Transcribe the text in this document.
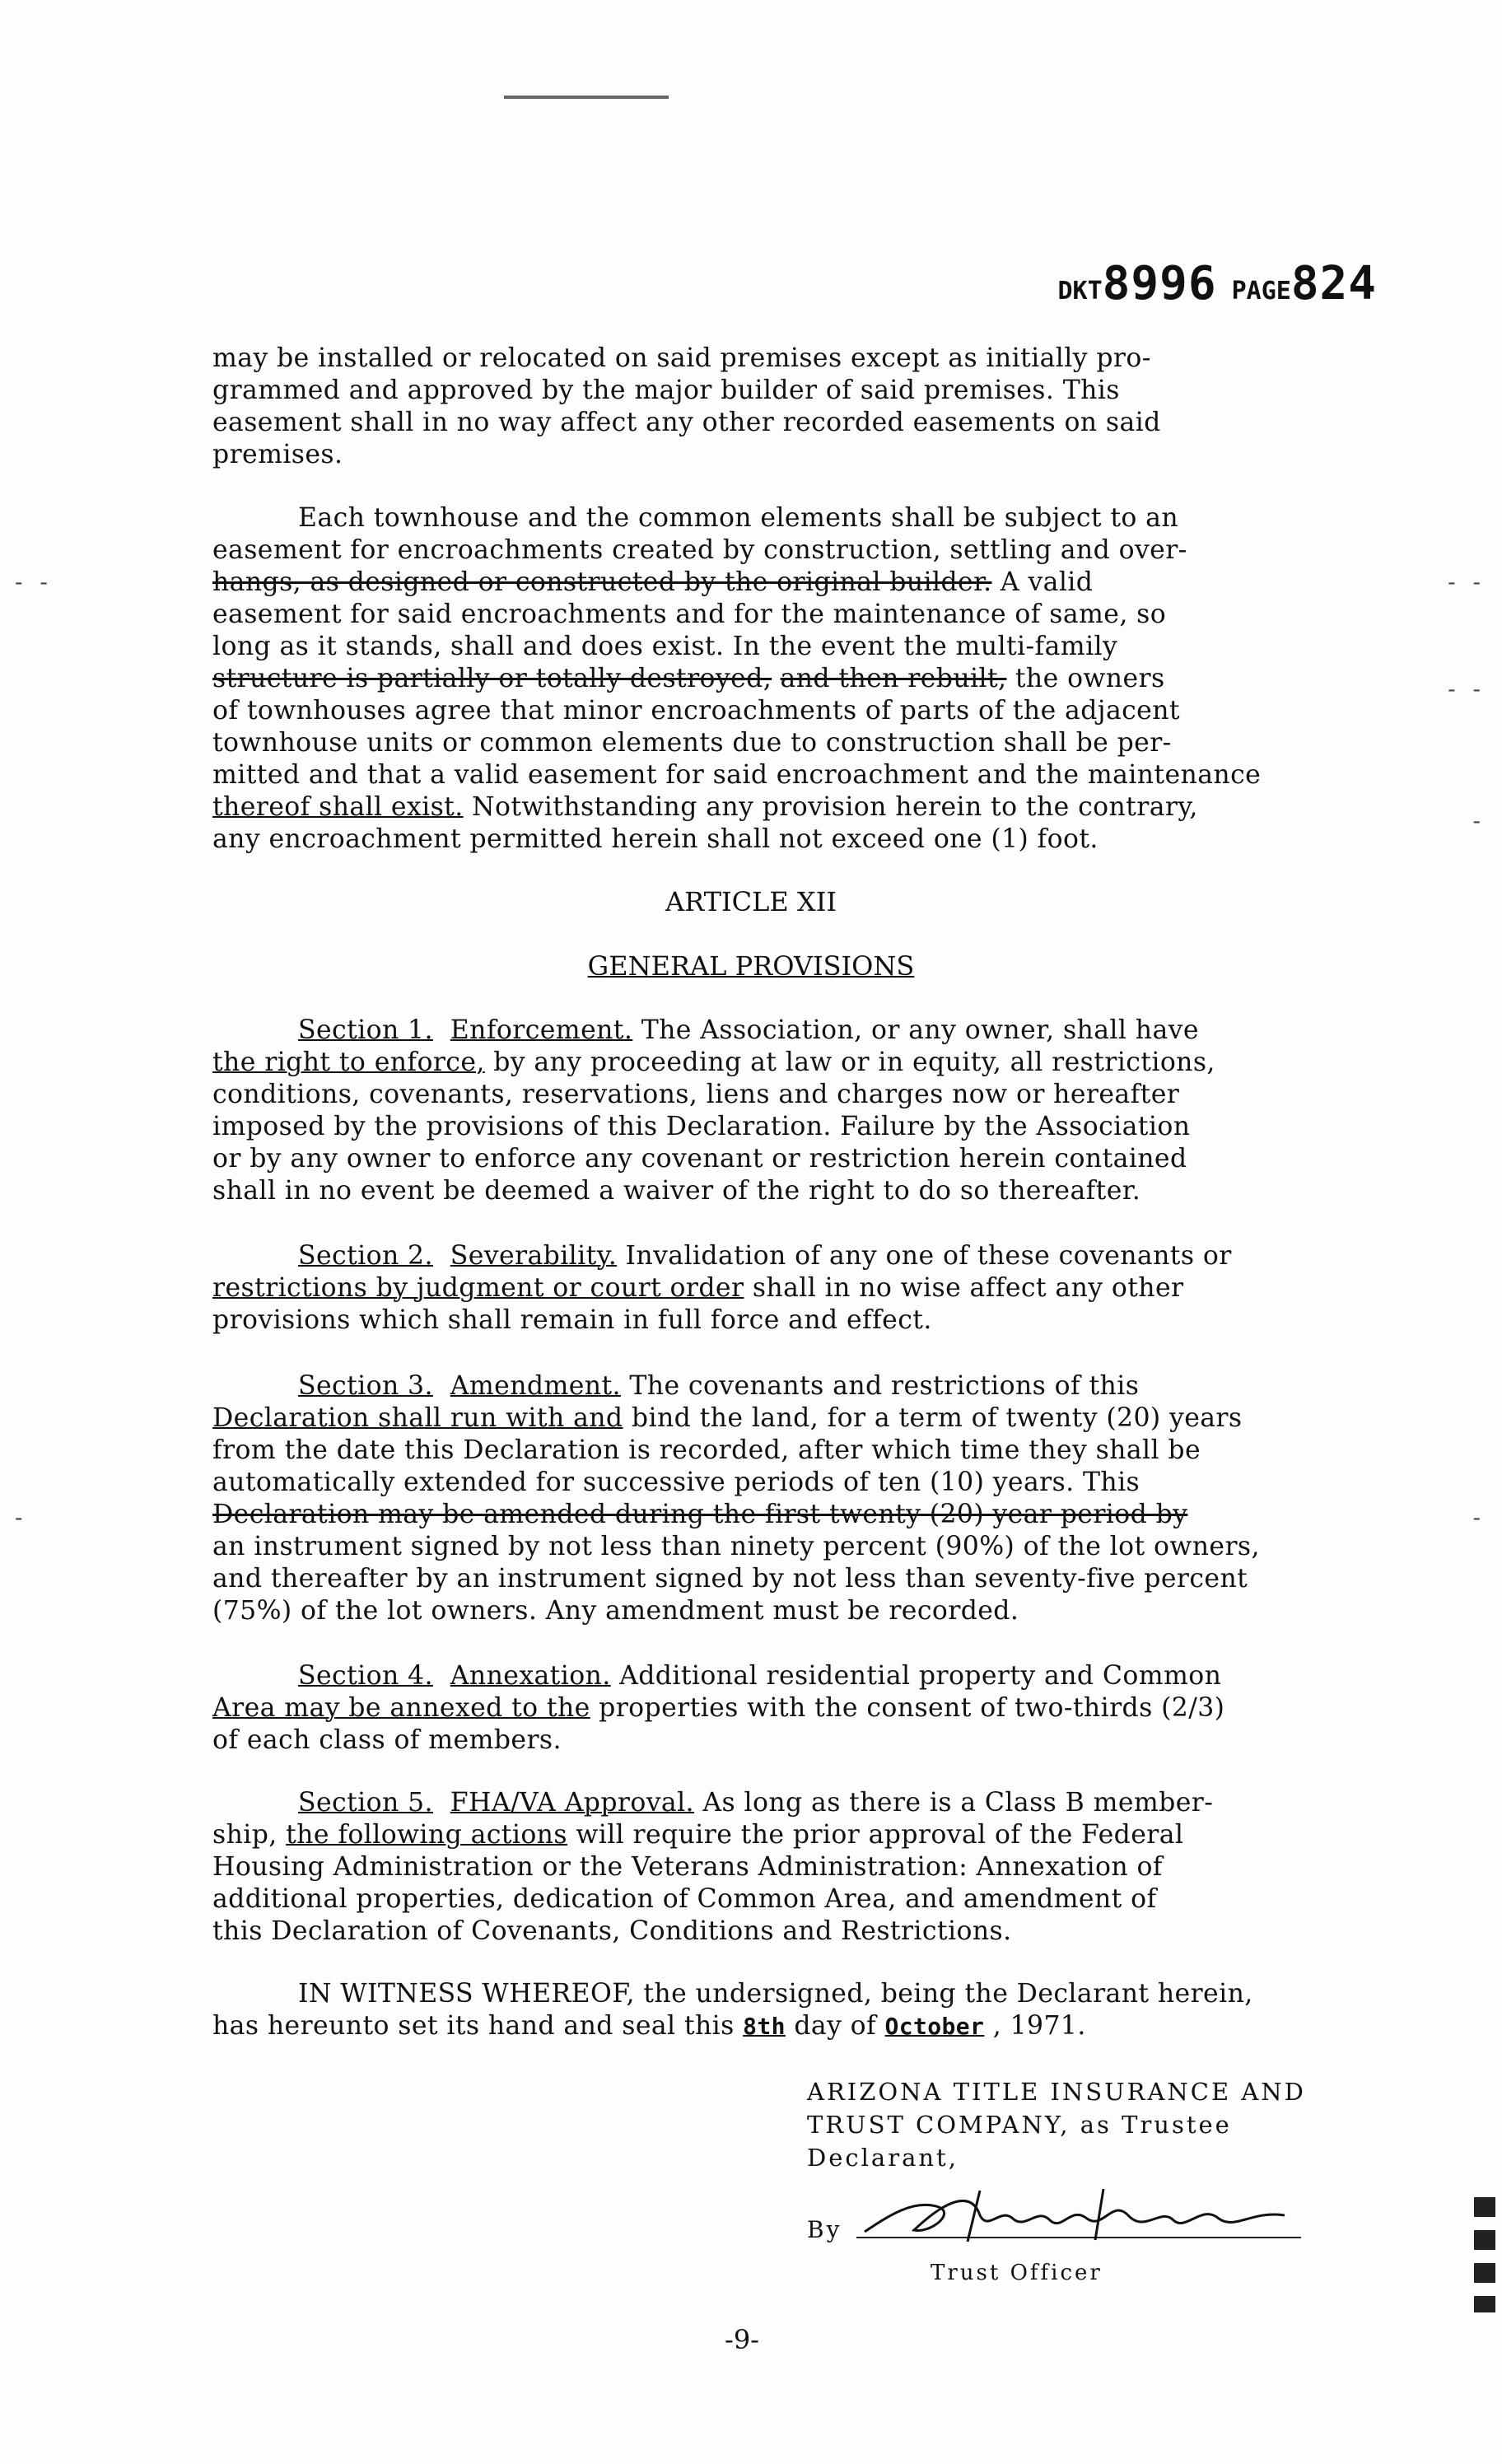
DKT8996 PAGE824
may be installed or relocated on said premises except as initially pro-
grammed and approved by the major builder of said premises. This
easement shall in no way affect any other recorded easements on said
premises.
Each townhouse and the common elements shall be subject to an
easement for encroachments created by construction, settling and over-
hangs, as designed or constructed by the original builder. A valid
easement for said encroachments and for the maintenance of same, so
long as it stands, shall and does exist. In the event the multi-family
structure is partially or totally destroyed, and then rebuilt, the owners
of townhouses agree that minor encroachments of parts of the adjacent
townhouse units or common elements due to construction shall be per-
mitted and that a valid easement for said encroachment and the maintenance
thereof shall exist. Notwithstanding any provision herein to the contrary,
any encroachment permitted herein shall not exceed one (1) foot.
ARTICLE XII
GENERAL PROVISIONS
Section 1. Enforcement. The Association, or any owner, shall have
the right to enforce, by any proceeding at law or in equity, all restrictions,
conditions, covenants, reservations, liens and charges now or hereafter
imposed by the provisions of this Declaration. Failure by the Association
or by any owner to enforce any covenant or restriction herein contained
shall in no event be deemed a waiver of the right to do so thereafter.
Section 2. Severability. Invalidation of any one of these covenants or
restrictions by judgment or court order shall in no wise affect any other
provisions which shall remain in full force and effect.
Section 3. Amendment. The covenants and restrictions of this
Declaration shall run with and bind the land, for a term of twenty (20) years
from the date this Declaration is recorded, after which time they shall be
automatically extended for successive periods of ten (10) years. This
Declaration may be amended during the first twenty (20) year period by
an instrument signed by not less than ninety percent (90%) of the lot owners,
and thereafter by an instrument signed by not less than seventy-five percent
(75%) of the lot owners. Any amendment must be recorded.
Section 4. Annexation. Additional residential property and Common
Area may be annexed to the properties with the consent of two-thirds (2/3)
of each class of members.
Section 5. FHA/VA Approval. As long as there is a Class B member-
ship, the following actions will require the prior approval of the Federal
Housing Administration or the Veterans Administration: Annexation of
additional properties, dedication of Common Area, and amendment of
this Declaration of Covenants, Conditions and Restrictions.
IN WITNESS WHEREOF, the undersigned, being the Declarant herein,
has hereunto set its hand and seal this 8th day of October , 1971.
ARIZONA TITLE INSURANCE AND
TRUST COMPANY, as Trustee
Declarant,
By
Trust Officer
-9-
- -	- -
- -
-
-	-
